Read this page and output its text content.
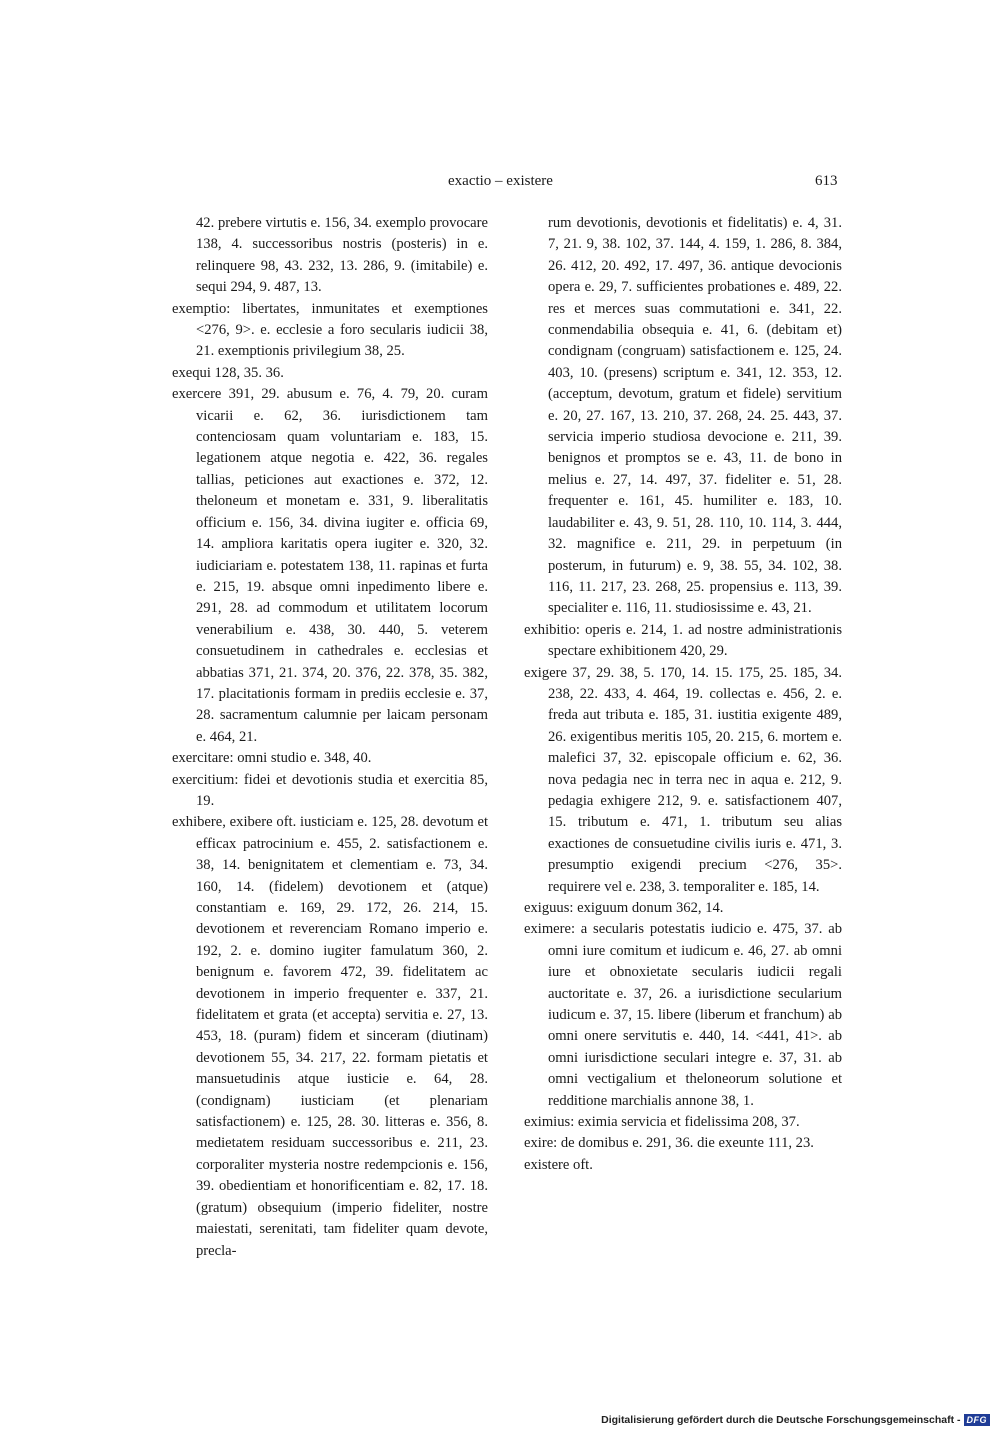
exactio – existere	613

42. prebere virtutis e. 156, 34. exemplo provocare 138, 4. successoribus nostris (posteris) in e. relinquere 98, 43. 232, 13. 286, 9. (imitabile) e. sequi 294, 9. 487, 13.

exemptio: libertates, inmunitates et exemptiones <276, 9>. e. ecclesie a foro secularis iudicii 38, 21. exemptionis privilegium 38, 25.

exequi 128, 35. 36.

exercere 391, 29. abusum e. 76, 4. 79, 20. curam vicarii e. 62, 36. iurisdictionem tam contenciosam quam voluntariam e. 183, 15. legationem atque negotia e. 422, 36. regales tallias, peticiones aut exactiones e. 372, 12. theloneum et monetam e. 331, 9. liberalitatis officium e. 156, 34. divina iugiter e. officia 69, 14. ampliora karitatis opera iugiter e. 320, 32. iudiciariam e. potestatem 138, 11. rapinas et furta e. 215, 19. absque omni inpedimento libere e. 291, 28. ad commodum et utilitatem locorum venerabilium e. 438, 30. 440, 5. veterem consuetudinem in cathedrales e. ecclesias et abbatias 371, 21. 374, 20. 376, 22. 378, 35. 382, 17. placitationis formam in prediis ecclesie e. 37, 28. sacramentum calumnie per laicam personam e. 464, 21.

exercitare: omni studio e. 348, 40.

exercitium: fidei et devotionis studia et exercitia 85, 19.

exhibere, exibere oft. iusticiam e. 125, 28. devotum et efficax patrocinium e. 455, 2. satisfactionem e. 38, 14. benignitatem et clementiam e. 73, 34. 160, 14. (fidelem) devotionem et (atque) constantiam e. 169, 29. 172, 26. 214, 15. devotionem et reverenciam Romano imperio e. 192, 2. e. domino iugiter famulatum 360, 2. benignum e. favorem 472, 39. fidelitatem ac devotionem in imperio frequenter e. 337, 21. fidelitatem et grata (et accepta) servitia e. 27, 13. 453, 18. (puram) fidem et sinceram (diutinam) devotionem 55, 34. 217, 22. formam pietatis et mansuetudinis atque iusticie e. 64, 28. (condignam) iusticiam (et plenariam satisfactionem) e. 125, 28. 30. litteras e. 356, 8. medietatem residuam successoribus e. 211, 23. corporaliter mysteria nostre redempcionis e. 156, 39. obedientiam et honorificentiam e. 82, 17. 18. (gratum) obsequium (imperio fideliter, nostre maiestati, serenitati, tam fideliter quam devote, precla-

rum devotionis, devotionis et fidelitatis) e. 4, 31. 7, 21. 9, 38. 102, 37. 144, 4. 159, 1. 286, 8. 384, 26. 412, 20. 492, 17. 497, 36. antique devocionis opera e. 29, 7. sufficientes probationes e. 489, 22. res et merces suas commutationi e. 341, 22. conmendabilia obsequia e. 41, 6. (debitam et) condignam (congruam) satisfactionem e. 125, 24. 403, 10. (presens) scriptum e. 341, 12. 353, 12. (acceptum, devotum, gratum et fidele) servitium e. 20, 27. 167, 13. 210, 37. 268, 24. 25. 443, 37. servicia imperio studiosa devocione e. 211, 39. benignos et promptos se e. 43, 11. de bono in melius e. 27, 14. 497, 37. fideliter e. 51, 28. frequenter e. 161, 45. humiliter e. 183, 10. laudabiliter e. 43, 9. 51, 28. 110, 10. 114, 3. 444, 32. magnifice e. 211, 29. in perpetuum (in posterum, in futurum) e. 9, 38. 55, 34. 102, 38. 116, 11. 217, 23. 268, 25. propensius e. 113, 39. specialiter e. 116, 11. studiosissime e. 43, 21.

exhibitio: operis e. 214, 1. ad nostre administrationis spectare exhibitionem 420, 29.

exigere 37, 29. 38, 5. 170, 14. 15. 175, 25. 185, 34. 238, 22. 433, 4. 464, 19. collectas e. 456, 2. e. freda aut tributa e. 185, 31. iustitia exigente 489, 26. exigentibus meritis 105, 20. 215, 6. mortem e. malefici 37, 32. episcopale officium e. 62, 36. nova pedagia nec in terra nec in aqua e. 212, 9. pedagia exhigere 212, 9. e. satisfactionem 407, 15. tributum e. 471, 1. tributum seu alias exactiones de consuetudine civilis iuris e. 471, 3. presumptio exigendi precium <276, 35>. requirere vel e. 238, 3. temporaliter e. 185, 14.

exiguus: exiguum donum 362, 14.

eximere: a secularis potestatis iudicio e. 475, 37. ab omni iure comitum et iudicum e. 46, 27. ab omni iure et obnoxietate secularis iudicii regali auctoritate e. 37, 26. a iurisdictione secularium iudicum e. 37, 15. libere (liberum et franchum) ab omni onere servitutis e. 440, 14. <441, 41>. ab omni iurisdictione seculari integre e. 37, 31. ab omni vectigalium et theloneorum solutione et redditione marchialis annone 38, 1.

eximius: eximia servicia et fidelissima 208, 37.

exire: de domibus e. 291, 36. die exeunte 111, 23.

existere oft.

Digitalisierung gefördert durch die Deutsche Forschungsgemeinschaft - DFG
